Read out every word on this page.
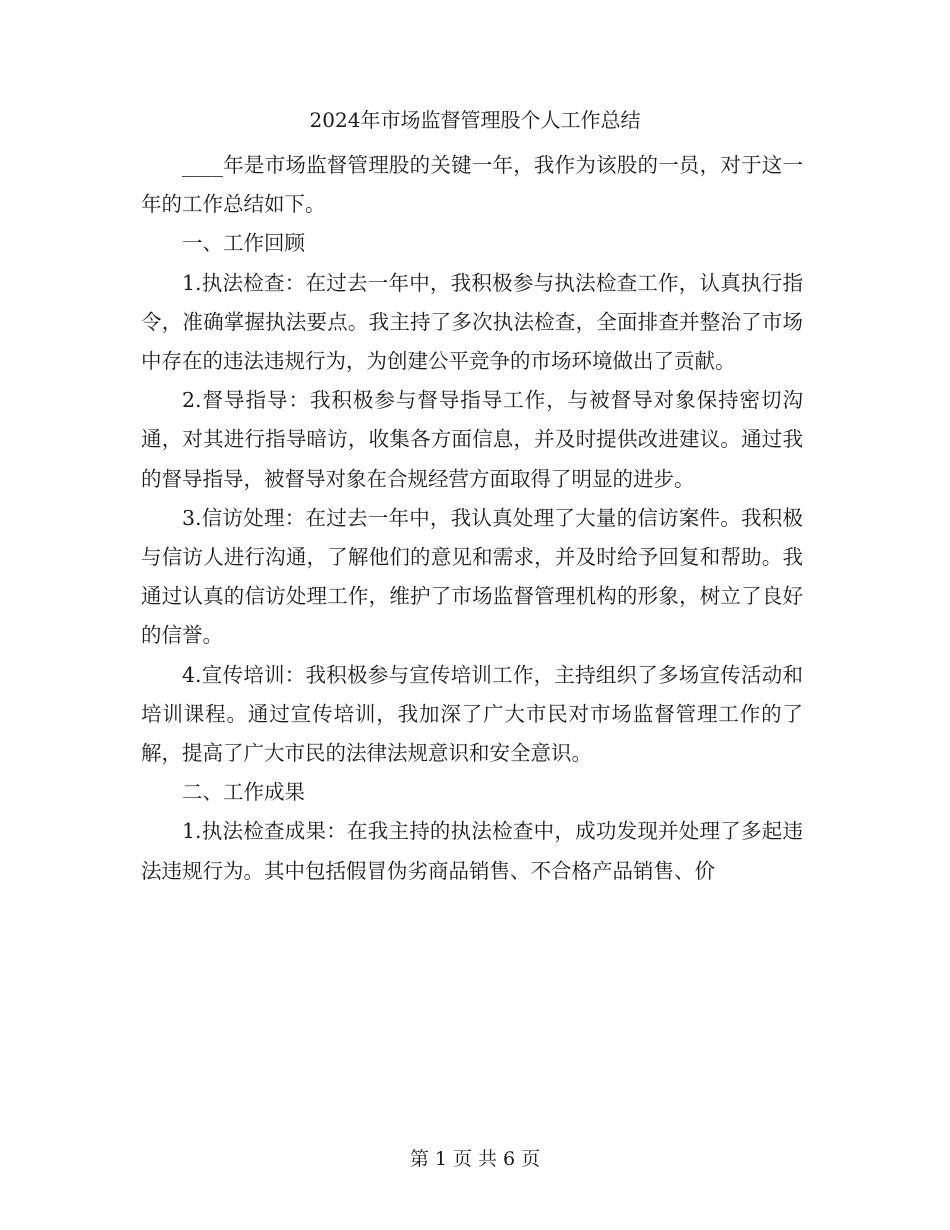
2024年市场监督管理股个人工作总结

____年是市场监督管理股的关键一年，我作为该股的一员，对于这一年的工作总结如下。

一、工作回顾

1.执法检查：在过去一年中，我积极参与执法检查工作，认真执行指令，准确掌握执法要点。我主持了多次执法检查，全面排查并整治了市场中存在的违法违规行为，为创建公平竞争的市场环境做出了贡献。

2.督导指导：我积极参与督导指导工作，与被督导对象保持密切沟通，对其进行指导暗访，收集各方面信息，并及时提供改进建议。通过我的督导指导，被督导对象在合规经营方面取得了明显的进步。

3.信访处理：在过去一年中，我认真处理了大量的信访案件。我积极与信访人进行沟通，了解他们的意见和需求，并及时给予回复和帮助。我通过认真的信访处理工作，维护了市场监督管理机构的形象，树立了良好的信誉。

4.宣传培训：我积极参与宣传培训工作，主持组织了多场宣传活动和培训课程。通过宣传培训，我加深了广大市民对市场监督管理工作的了解，提高了广大市民的法律法规意识和安全意识。

二、工作成果

1.执法检查成果：在我主持的执法检查中，成功发现并处理了多起违法违规行为。其中包括假冒伪劣商品销售、不合格产品销售、价

第 1 页 共 6 页
